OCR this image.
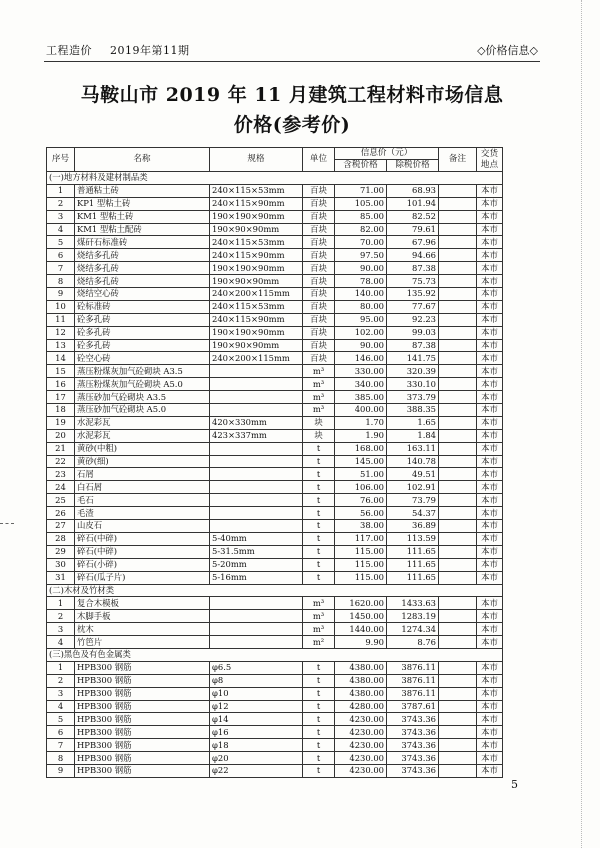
工程造价 2019年第11期	◇价格信息◇
马鞍山市 2019 年 11 月建筑工程材料市场信息
价格(参考价)
序号	名称	规格	单位	信息价（元）		备注	交货地点
				含税价格	除税价格		
(一)地方材料及建材制品类							
1	普通粘土砖	240×115×53mm	百块	71.00	68.93		本市
2	KP1 型粘土砖	240×115×90mm	百块	105.00	101.94		本市
3	KM1 型粘土砖	190×190×90mm	百块	85.00	82.52		本市
4	KM1 型粘土配砖	190×90×90mm	百块	82.00	79.61		本市
5	煤矸石标准砖	240×115×53mm	百块	70.00	67.96		本市
6	烧结多孔砖	240×115×90mm	百块	97.50	94.66		本市
7	烧结多孔砖	190×190×90mm	百块	90.00	87.38		本市
8	烧结多孔砖	190×90×90mm	百块	78.00	75.73		本市
9	烧结空心砖	240×200×115mm	百块	140.00	135.92		本市
10	砼标准砖	240×115×53mm	百块	80.00	77.67		本市
11	砼多孔砖	240×115×90mm	百块	95.00	92.23		本市
12	砼多孔砖	190×190×90mm	百块	102.00	99.03		本市
13	砼多孔砖	190×90×90mm	百块	90.00	87.38		本市
14	砼空心砖	240×200×115mm	百块	146.00	141.75		本市
15	蒸压粉煤灰加气砼砌块 A3.5		m³	330.00	320.39		本市
16	蒸压粉煤灰加气砼砌块 A5.0		m³	340.00	330.10		本市
17	蒸压砂加气砼砌块 A3.5		m³	385.00	373.79		本市
18	蒸压砂加气砼砌块 A5.0		m³	400.00	388.35		本市
19	水泥彩瓦	420×330mm	块	1.70	1.65		本市
20	水泥彩瓦	423×337mm	块	1.90	1.84		本市
21	黄砂(中粗)		t	168.00	163.11		本市
22	黄砂(细)		t	145.00	140.78		本市
23	石屑		t	51.00	49.51		本市
24	白石屑		t	106.00	102.91		本市
25	毛石		t	76.00	73.79		本市
26	毛渣		t	56.00	54.37		本市
27	山皮石		t	38.00	36.89		本市
28	碎石(中碎)	5-40mm	t	117.00	113.59		本市
29	碎石(中碎)	5-31.5mm	t	115.00	111.65		本市
30	碎石(小碎)	5-20mm	t	115.00	111.65		本市
31	碎石(瓜子片)	5-16mm	t	115.00	111.65		本市
(二)木材及竹材类							
1	复合木模板		m³	1620.00	1433.63		本市
2	木脚手板		m³	1450.00	1283.19		本市
3	枕木		m³	1440.00	1274.34		本市
4	竹笆片		m²	9.90	8.76		本市
(三)黑色及有色金属类							
1	HPB300 钢筋	φ6.5	t	4380.00	3876.11		本市
2	HPB300 钢筋	φ8	t	4380.00	3876.11		本市
3	HPB300 钢筋	φ10	t	4380.00	3876.11		本市
4	HPB300 钢筋	φ12	t	4280.00	3787.61		本市
5	HPB300 钢筋	φ14	t	4230.00	3743.36		本市
6	HPB300 钢筋	φ16	t	4230.00	3743.36		本市
7	HPB300 钢筋	φ18	t	4230.00	3743.36		本市
8	HPB300 钢筋	φ20	t	4230.00	3743.36		本市
9	HPB300 钢筋	φ22	t	4230.00	3743.36		本市
5
